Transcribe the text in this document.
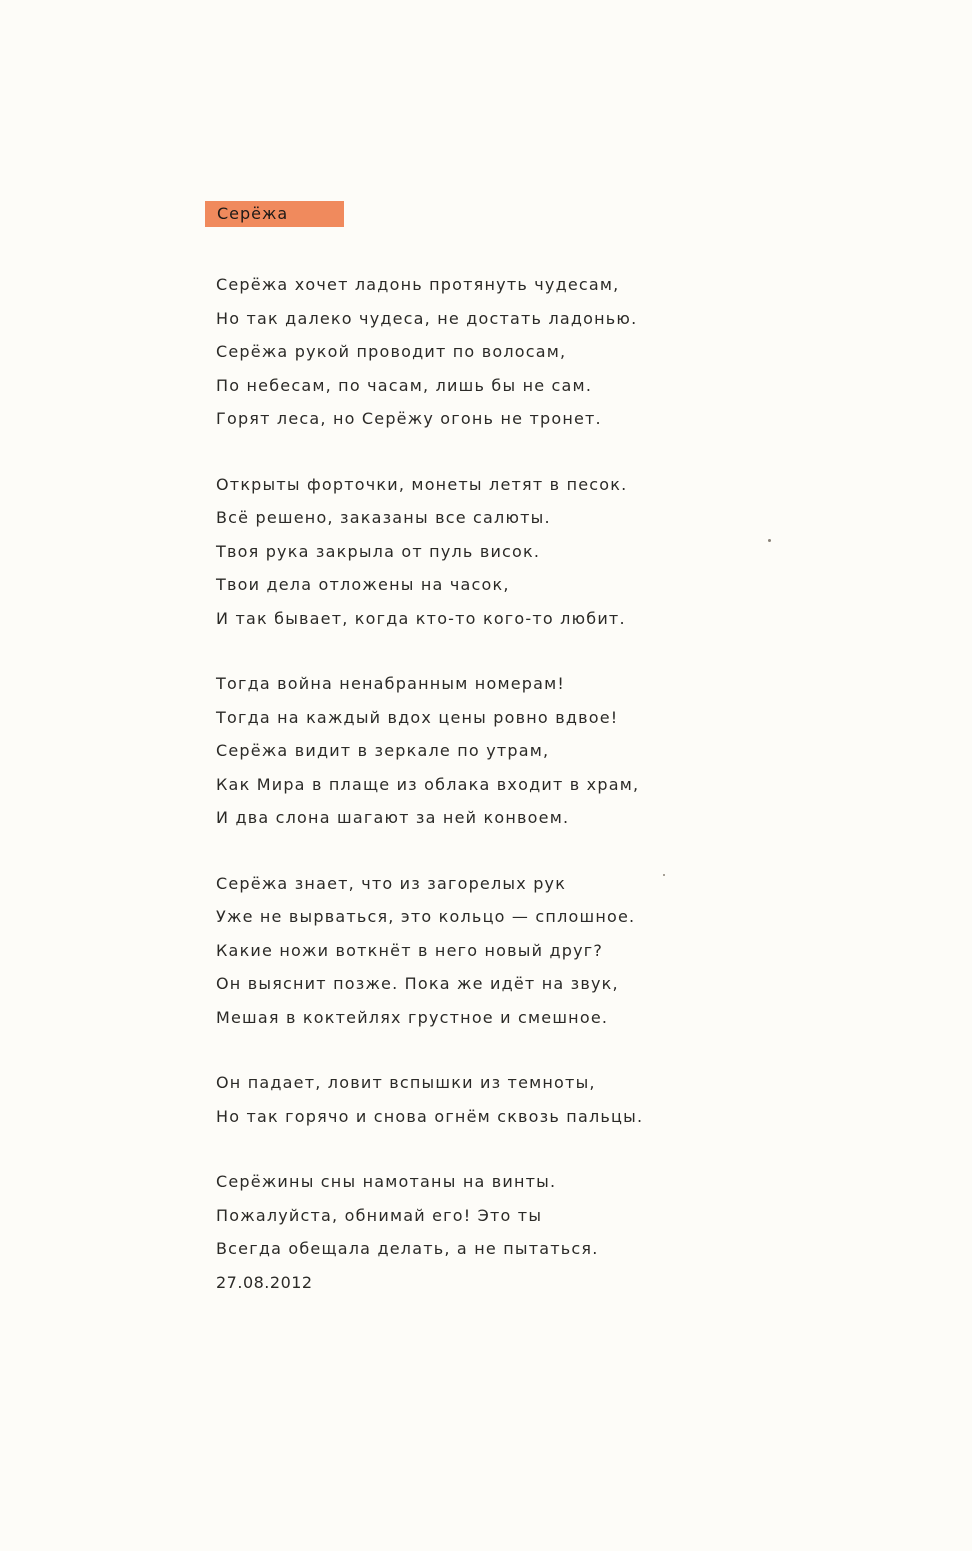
Серёжа
Серёжа хочет ладонь протянуть чудесам,
Но так далеко чудеса, не достать ладонью.
Серёжа рукой проводит по волосам,
По небесам, по часам, лишь бы не сам.
Горят леса, но Серёжу огонь не тронет.
Открыты форточки, монеты летят в песок.
Всё решено, заказаны все салюты.
Твоя рука закрыла от пуль висок.
Твои дела отложены на часок,
И так бывает, когда кто-то кого-то любит.
Тогда война ненабранным номерам!
Тогда на каждый вдох цены ровно вдвое!
Серёжа видит в зеркале по утрам,
Как Мира в плаще из облака входит в храм,
И два слона шагают за ней конвоем.
Серёжа знает, что из загорелых рук
Уже не вырваться, это кольцо — сплошное.
Какие ножи воткнёт в него новый друг?
Он выяснит позже. Пока же идёт на звук,
Мешая в коктейлях грустное и смешное.
Он падает, ловит вспышки из темноты,
Но так горячо и снова огнём сквозь пальцы.
Серёжины сны намотаны на винты.
Пожалуйста, обнимай его! Это ты
Всегда обещала делать, а не пытаться.
27.08.2012
